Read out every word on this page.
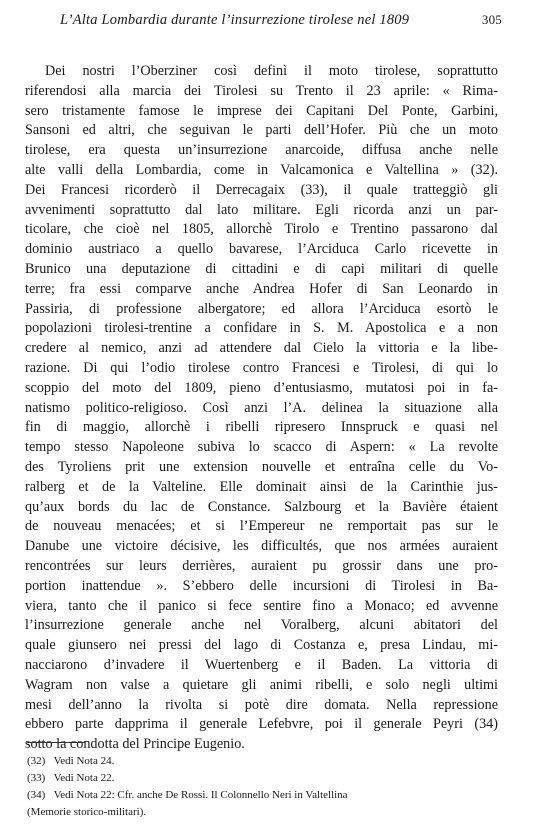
L’Alta Lombardia durante l’insurrezione tirolese nel 1809	305
Dei nostri l’Oberziner così definì il moto tirolese, soprattutto
riferendosi alla marcia dei Tirolesi su Trento il 23 aprile: « Rima-
sero tristamente famose le imprese dei Capitani Del Ponte, Garbini,
Sansoni ed altri, che seguivan le parti dell’Hofer. Più che un moto
tirolese, era questa un’insurrezione anarcoide, diffusa anche nelle
alte valli della Lombardia, come in Valcamonica e Valtellina » (32).
Dei Francesi ricorderò il Derrecagaix (33), il quale tratteggiò gli
avvenimenti soprattutto dal lato militare. Egli ricorda anzi un par-
ticolare, che cioè nel 1805, allorchè Tirolo e Trentino passarono dal
dominio austriaco a quello bavarese, l’Arciduca Carlo ricevette in
Brunico una deputazione di cittadini e di capi militari di quelle
terre; fra essi comparve anche Andrea Hofer di San Leonardo in
Passiria, di professione albergatore; ed allora l’Arciduca esortò le
popolazioni tirolesi-trentine a confidare in S. M. Apostolica e a non
credere al nemico, anzi ad attendere dal Cielo la vittoria e la libe-
razione. Di qui l’odio tirolese contro Francesi e Tirolesi, di qui lo
scoppio del moto del 1809, pieno d’entusiasmo, mutatosi poi in fa-
natismo politico-religioso. Così anzi l’A. delinea la situazione alla
fin di maggio, allorchè i ribelli ripresero Innspruck e quasi nel
tempo stesso Napoleone subiva lo scacco di Aspern: « La revolte
des Tyroliens prit une extension nouvelle et entraîna celle du Vo-
ralberg et de la Valteline. Elle dominait ainsi de la Carinthie jus-
qu’aux bords du lac de Constance. Salzbourg et la Bavière étaient
de nouveau menacées; et si l’Empereur ne remportait pas sur le
Danube une victoire décisive, les difficultés, que nos armées auraient
rencontrées sur leurs derrières, auraient pu grossir dans une pro-
portion inattendue ». S’ebbero delle incursioni di Tirolesi in Ba-
viera, tanto che il panico si fece sentire fino a Monaco; ed avvenne
l’insurrezione generale anche nel Voralberg, alcuni abitatori del
quale giunsero nei pressi del lago di Costanza e, presa Lindau, mi-
nacciarono d’invadere il Wuertenberg e il Baden. La vittoria di
Wagram non valse a quietare gli animi ribelli, e solo negli ultimi
mesi dell’anno la rivolta si potè dire domata. Nella repressione
ebbero parte dapprima il generale Lefebvre, poi il generale Peyri (34)
sotto la condotta del Principe Eugenio.
(32) Vedi Nota 24.
(33) Vedi Nota 22.
(34) Vedi Nota 22: Cfr. anche De Rossi. Il Colonnello Neri in Valtellina
(Memorie storico-militari).
